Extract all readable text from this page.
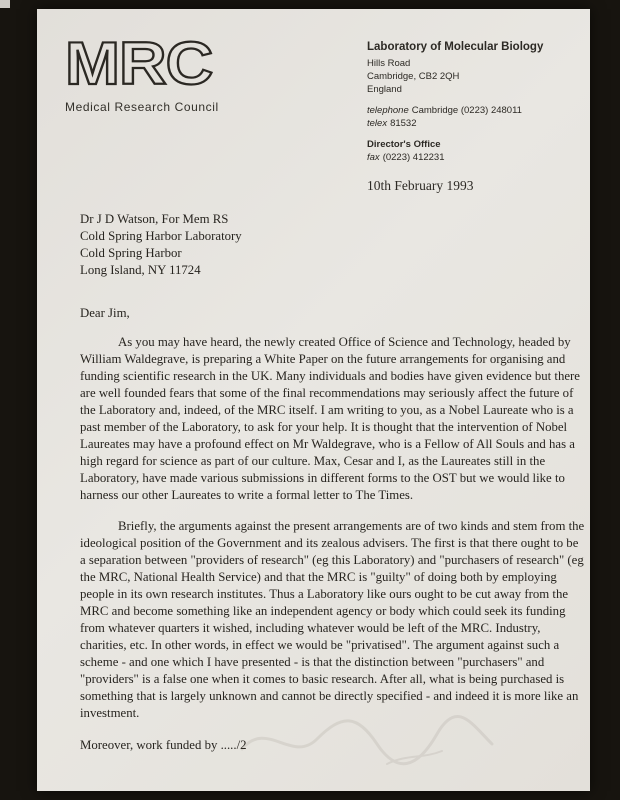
MRC
Medical Research Council
Laboratory of Molecular Biology
Hills Road
Cambridge, CB2 2QH
England
telephone Cambridge (0223) 248011
telex 81532
Director's Office
fax (0223) 412231
10th February 1993
Dr J D Watson, For Mem RS
Cold Spring Harbor Laboratory
Cold Spring Harbor
Long Island, NY 11724
Dear Jim,

As you may have heard, the newly created Office of Science and Technology, headed by William Waldegrave, is preparing a White Paper on the future arrangements for organising and funding scientific research in the UK. Many individuals and bodies have given evidence but there are well founded fears that some of the final recommendations may seriously affect the future of the Laboratory and, indeed, of the MRC itself. I am writing to you, as a Nobel Laureate who is a past member of the Laboratory, to ask for your help. It is thought that the intervention of Nobel Laureates may have a profound effect on Mr Waldegrave, who is a Fellow of All Souls and has a high regard for science as part of our culture. Max, Cesar and I, as the Laureates still in the Laboratory, have made various submissions in different forms to the OST but we would like to harness our other Laureates to write a formal letter to The Times.

Briefly, the arguments against the present arrangements are of two kinds and stem from the ideological position of the Government and its zealous advisers. The first is that there ought to be a separation between "providers of research" (eg this Laboratory) and "purchasers of research" (eg the MRC, National Health Service) and that the MRC is "guilty" of doing both by employing people in its own research institutes. Thus a Laboratory like ours ought to be cut away from the MRC and become something like an independent agency or body which could seek its funding from whatever quarters it wished, including whatever would be left of the MRC. Industry, charities, etc. In other words, in effect we would be "privatised". The argument against such a scheme - and one which I have presented - is that the distinction between "purchasers" and "providers" is a false one when it comes to basic research. After all, what is being purchased is something that is largely unknown and cannot be directly specified - and indeed it is more like an investment.

Moreover, work funded by ...../2
